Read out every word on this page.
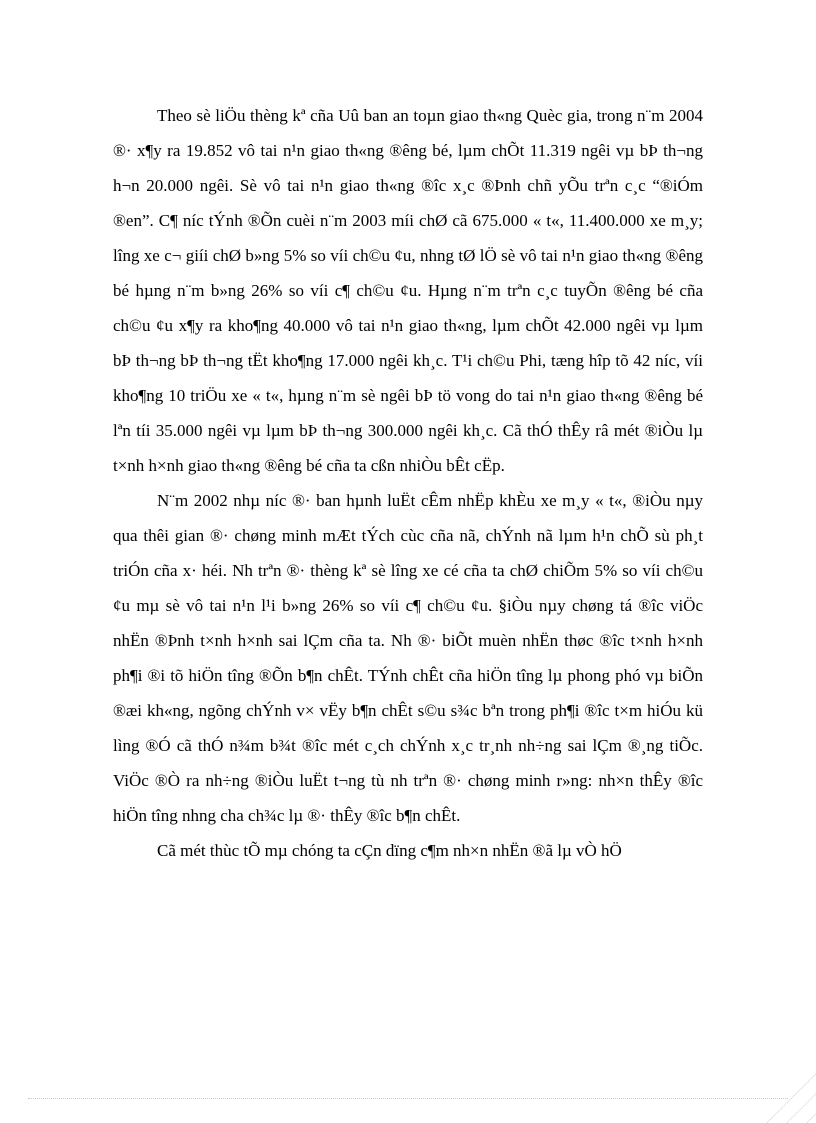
Theo sè liÖu thèng kª cña Uû ban an toµn giao th«ng Quèc gia, trong n¨m 2004 ®· x¶y ra 19.852 vô tai n¹n giao th«ng ®êng bé, lµm chÕt 11.319 ngêi vµ bÞ th¬ng h¬n 20.000 ngêi. Sè vô tai n¹n giao th«ng ®îc x¸c ®Þnh chñ yÕu trªn c¸c “®iÓm ®en”. C¶ níc tÝnh ®Õn cuèi n¨m 2003 míi chØ cã 675.000 « t«, 11.400.000 xe m¸y; lîng xe c¬ giíi chØ b»ng 5% so víi ch©u ¢u, nhng tØ lÖ sè vô tai n¹n giao th«ng ®êng bé hµng n¨m b»ng 26% so víi c¶ ch©u ¢u. Hµng n¨m trªn c¸c tuyÕn ®êng bé cña ch©u ¢u x¶y ra kho¶ng 40.000 vô tai n¹n giao th«ng, lµm chÕt 42.000 ngêi vµ lµm bÞ th¬ng bÞ th¬ng tËt kho¶ng 17.000 ngêi kh¸c. T¹i ch©u Phi, tæng hîp tõ 42 níc, víi kho¶ng 10 triÖu xe « t«, hµng n¨m sè ngêi bÞ tö vong do tai n¹n giao th«ng ®êng bé lªn tíi 35.000 ngêi vµ lµm bÞ th¬ng 300.000 ngêi kh¸c. Cã thÓ thÊy râ mét ®iÒu lµ t×nh h×nh giao th«ng ®êng bé cña ta cßn nhiÒu bÊt cËp.

N¨m 2002 nhµ níc ®· ban hµnh luËt cÊm nhËp khÈu xe m¸y « t«, ®iÒu nµy qua thêi gian ®· chøng minh mÆt tÝch cùc cña nã, chÝnh nã lµm h¹n chÕ sù ph¸t triÓn cña x· héi. Nh trªn ®· thèng kª sè lîng xe cé cña ta chØ chiÕm 5% so víi ch©u ¢u mµ sè vô tai n¹n l¹i b»ng 26% so víi c¶ ch©u ¢u. §iÒu nµy chøng tá ®îc viÖc nhËn ®Þnh t×nh h×nh sai lÇm cña ta. Nh ®· biÕt muèn nhËn thøc ®îc t×nh h×nh ph¶i ®i tõ hiÖn tîng ®Õn b¶n chÊt. TÝnh chÊt cña hiÖn tîng lµ phong phó vµ biÕn ®æi kh«ng, ngõng chÝnh v× vËy b¶n chÊt s©u s¾c bªn trong ph¶i ®îc t×m hiÓu kü lìng ®Ó cã thÓ n¾m b¾t ®îc mét c¸ch chÝnh x¸c tr¸nh nh÷ng sai lÇm ®¸ng tiÕc. ViÖc ®Ò ra nh÷ng ®iÒu luËt t¬ng tù nh trªn ®· chøng minh r»ng: nh×n thÊy ®îc hiÖn tîng nhng cha ch¾c lµ ®· thÊy ®îc b¶n chÊt.

Cã mét thùc tÕ mµ chóng ta cÇn dïng c¶m nh×n nhËn ®ã lµ vÒ hÖ
